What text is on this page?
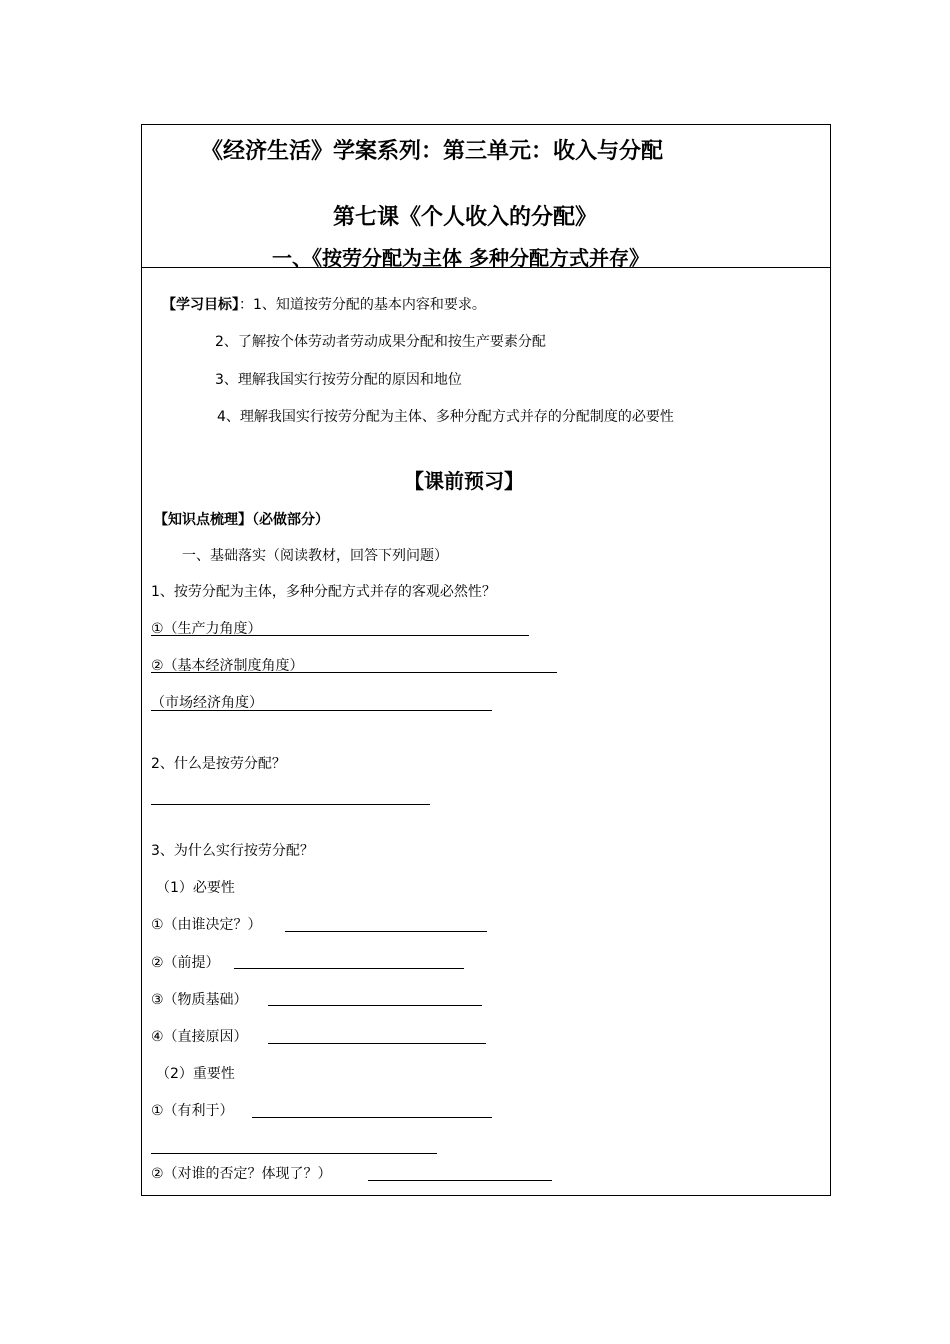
《经济生活》学案系列：第三单元：收入与分配
第七课《个人收入的分配》
一、《按劳分配为主体 多种分配方式并存》
【学习目标】：1、知道按劳分配的基本内容和要求。
2、了解按个体劳动者劳动成果分配和按生产要素分配
3、理解我国实行按劳分配的原因和地位
4、理解我国实行按劳分配为主体、多种分配方式并存的分配制度的必要性
【课前预习】
【知识点梳理】（必做部分）
一、基础落实（阅读教材，回答下列问题）
1、按劳分配为主体，多种分配方式并存的客观必然性？
①（生产力角度）
②（基本经济制度角度）
（市场经济角度）
2、什么是按劳分配？
3、为什么实行按劳分配？
（1）必要性
①（由谁决定？）
②（前提）
③（物质基础）
④（直接原因）
（2）重要性
①（有利于）
②（对谁的否定？体现了？）
